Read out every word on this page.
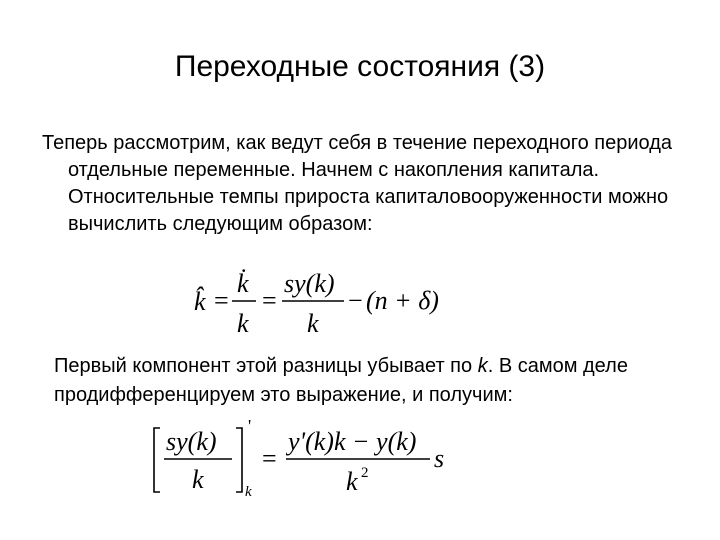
Переходные состояния (3)
Теперь рассмотрим, как ведут себя в течение переходного периода отдельные переменные. Начнем с накопления капитала. Относительные темпы прироста капиталовооруженности можно вычислить следующим образом:
k̂ =
k̇
k
=
sy(k)
k
− (n + δ)
Первый компонент этой разницы убывает по k. В самом деле продифференцируем это выражение, и получим:
sy(k)
k
'
k
=
y'(k)k − y(k)
k 2	s
